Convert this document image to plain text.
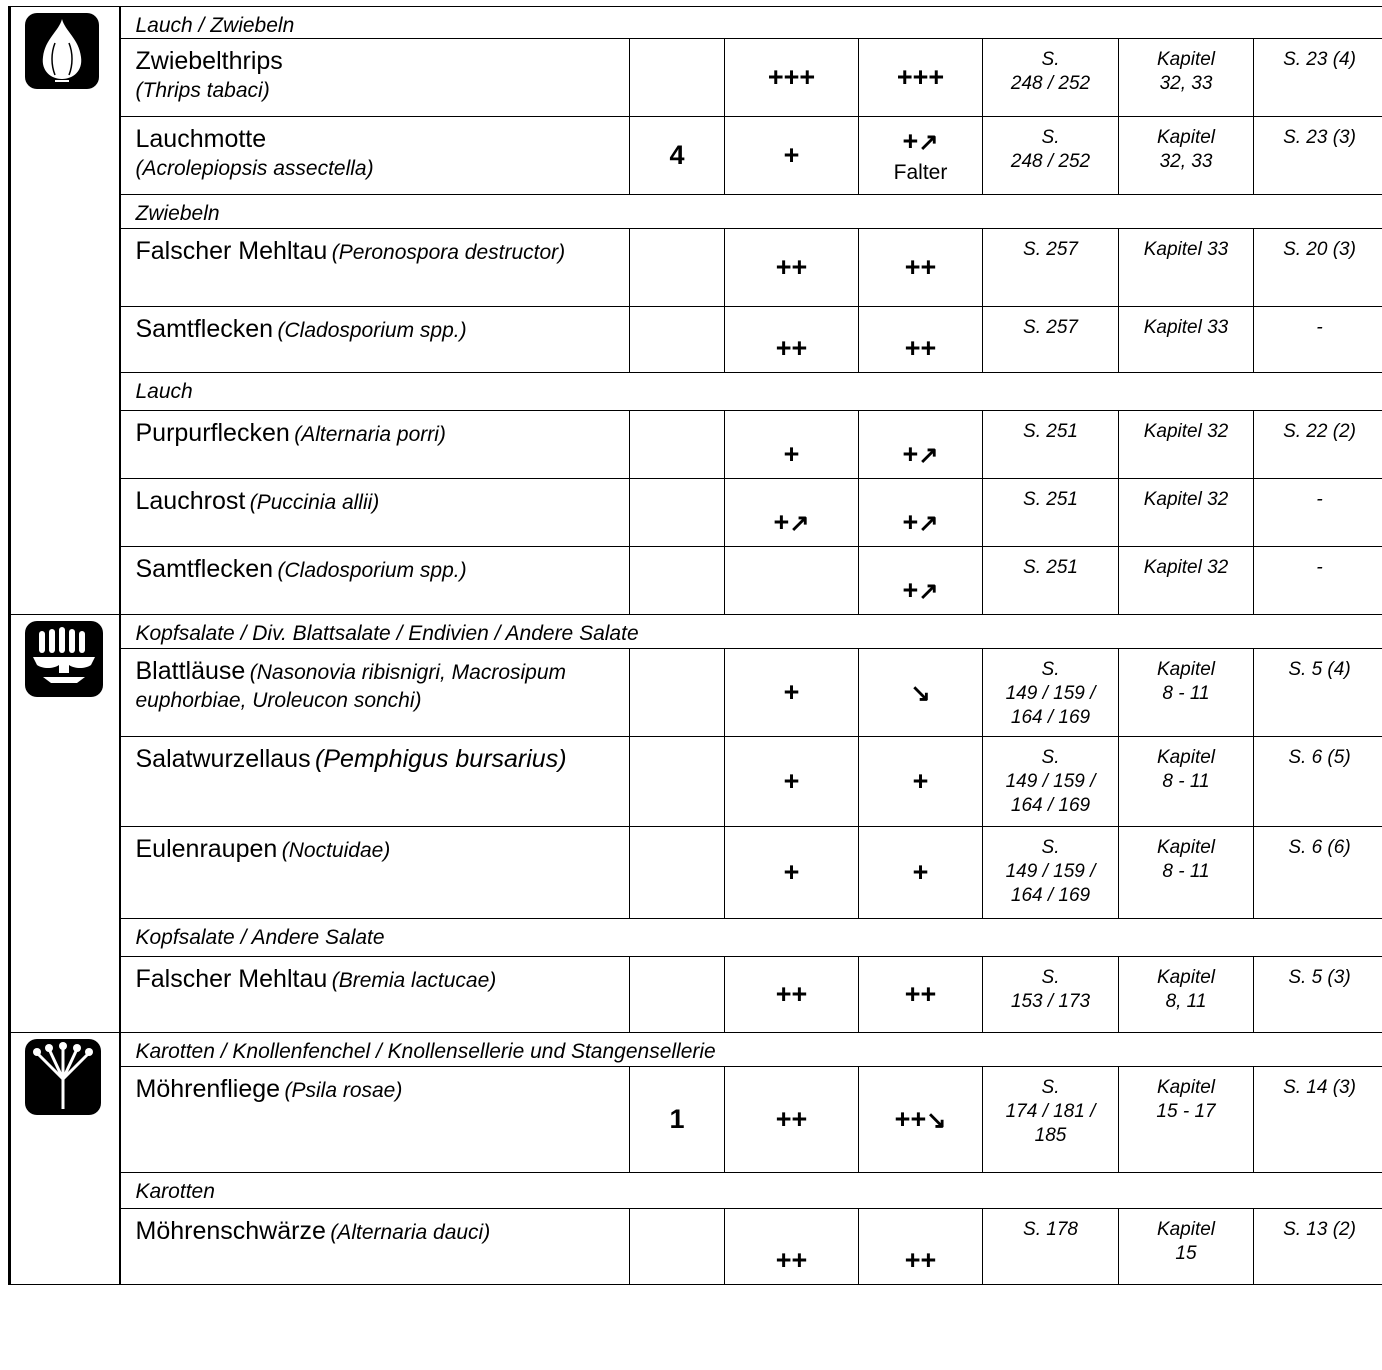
	Lauch / Zwiebeln						
	Zwiebelthrips
(Thrips tabaci)		+++	+++	S.
248 / 252	Kapitel
32, 33	S. 23 (4)
	Lauchmotte
(Acrolepiopsis assectella)	4	+	+↗
Falter	S.
248 / 252	Kapitel
32, 33	S. 23 (3)
	Zwiebeln						
	Falscher Mehltau (Peronospora destructor)		++	++	S. 257	Kapitel 33	S. 20 (3)
	Samtflecken (Cladosporium spp.)		++	++	S. 257	Kapitel 33	-
	Lauch						
	Purpurflecken (Alternaria porri)		+	+↗	S. 251	Kapitel 32	S. 22 (2)
	Lauchrost (Puccinia allii)		+↗	+↗	S. 251	Kapitel 32	-
	Samtflecken (Cladosporium spp.)			+↗	S. 251	Kapitel 32	-
	Kopfsalate / Div. Blattsalate / Endivien / Andere Salate						
	Blattläuse (Nasonovia ribisnigri, Macrosipum euphorbiae, Uroleucon sonchi)		+	↘	S.
149 / 159 /
164 / 169	Kapitel
8 - 11	S. 5 (4)
	Salatwurzellaus (Pemphigus bursarius)		+	+	S.
149 / 159 /
164 / 169	Kapitel
8 - 11	S. 6 (5)
	Eulenraupen (Noctuidae)		+	+	S.
149 / 159 /
164 / 169	Kapitel
8 - 11	S. 6 (6)
	Kopfsalate / Andere Salate						
	Falscher Mehltau (Bremia lactucae)		++	++	S.
153 / 173	Kapitel
8, 11	S. 5 (3)
	Karotten / Knollenfenchel / Knollensellerie und Stangensellerie						
	Möhrenfliege (Psila rosae)	1	++	++↘	S.
174 / 181 /
185	Kapitel
15 - 17	S. 14 (3)
	Karotten						
	Möhrenschwärze (Alternaria dauci)		++	++	S. 178	Kapitel
15	S. 13 (2)
